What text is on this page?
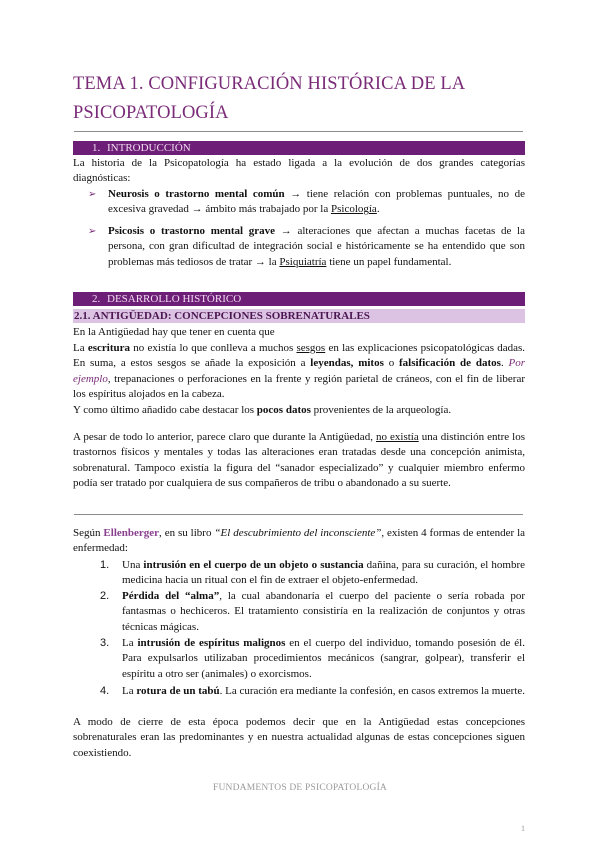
TEMA 1. CONFIGURACIÓN HISTÓRICA DE LA PSICOPATOLOGÍA
1. INTRODUCCIÓN
La historia de la Psicopatología ha estado ligada a la evolución de dos grandes categorías diagnósticas:
➢ Neurosis o trastorno mental común → tiene relación con problemas puntuales, no de excesiva gravedad → ámbito más trabajado por la Psicología.
➢ Psicosis o trastorno mental grave → alteraciones que afectan a muchas facetas de la persona, con gran dificultad de integración social e históricamente se ha entendido que son problemas más tediosos de tratar → la Psiquiatría tiene un papel fundamental.
2. DESARROLLO HISTÓRICO
2.1. ANTIGÜEDAD: CONCEPCIONES SOBRENATURALES
En la Antigüedad hay que tener en cuenta que
La escritura no existía lo que conlleva a muchos sesgos en las explicaciones psicopatológicas dadas. En suma, a estos sesgos se añade la exposición a leyendas, mitos o falsificación de datos. Por ejemplo, trepanaciones o perforaciones en la frente y región parietal de cráneos, con el fin de liberar los espíritus alojados en la cabeza.
Y como último añadido cabe destacar los pocos datos provenientes de la arqueología.
A pesar de todo lo anterior, parece claro que durante la Antigüedad, no existía una distinción entre los trastornos físicos y mentales y todas las alteraciones eran tratadas desde una concepción animista, sobrenatural. Tampoco existía la figura del “sanador especializado” y cualquier miembro enfermo podía ser tratado por cualquiera de sus compañeros de tribu o abandonado a su suerte.
Según Ellenberger, en su libro “El descubrimiento del inconsciente”, existen 4 formas de entender la enfermedad:
1. Una intrusión en el cuerpo de un objeto o sustancia dañina, para su curación, el hombre medicina hacia un ritual con el fin de extraer el objeto-enfermedad.
2. Pérdida del “alma”, la cual abandonaría el cuerpo del paciente o sería robada por fantasmas o hechiceros. El tratamiento consistiría en la realización de conjuntos y otras técnicas mágicas.
3. La intrusión de espíritus malignos en el cuerpo del individuo, tomando posesión de él. Para expulsarlos utilizaban procedimientos mecánicos (sangrar, golpear), transferir el espíritu a otro ser (animales) o exorcismos.
4. La rotura de un tabú. La curación era mediante la confesión, en casos extremos la muerte.
A modo de cierre de esta época podemos decir que en la Antigüedad estas concepciones sobrenaturales eran las predominantes y en nuestra actualidad algunas de estas concepciones siguen coexistiendo.
FUNDAMENTOS DE PSICOPATOLOGÍA
1
